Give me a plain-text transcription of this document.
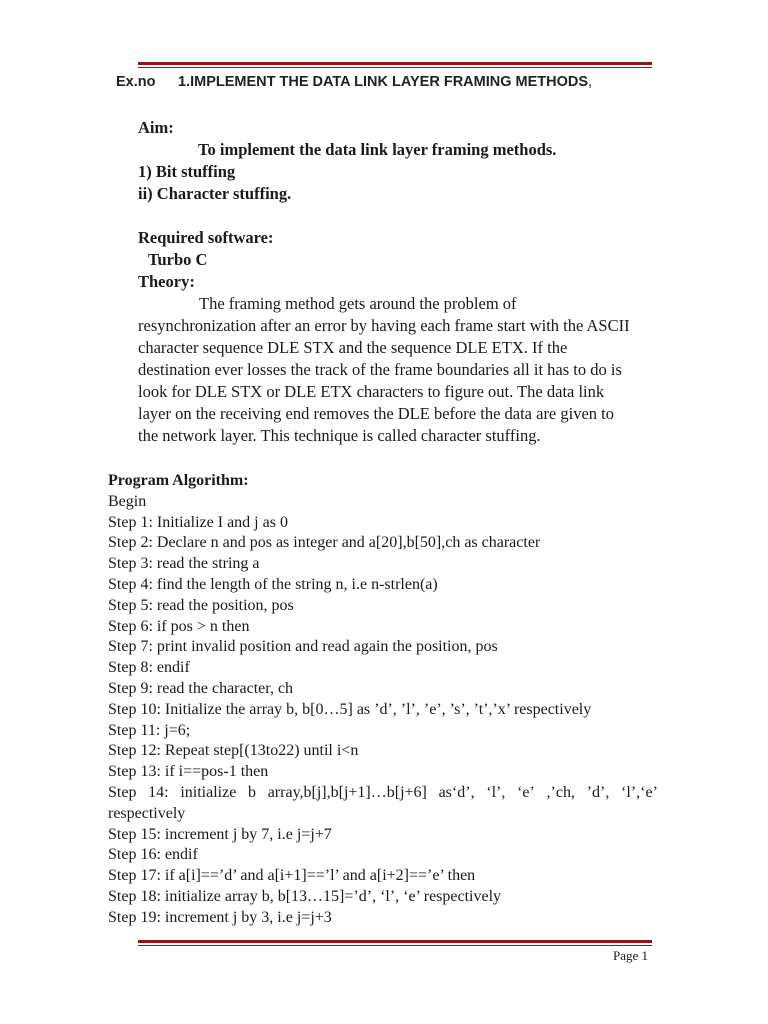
Ex.no 1.IMPLEMENT THE DATA LINK LAYER FRAMING METHODS,
Aim:
To implement the data link layer framing methods.
1) Bit stuffing
ii) Character stuffing.
Required software:
Turbo C
Theory:

The framing method gets around the problem of resynchronization after an error by having each frame start with the ASCII character sequence DLE STX and the sequence DLE ETX. If the destination ever losses the track of the frame boundaries all it has to do is look for DLE STX or DLE ETX characters to figure out. The data link layer on the receiving end removes the DLE before the data are given to the network layer. This technique is called character stuffing.

Program Algorithm:
Begin
Step 1: Initialize I and j as 0
Step 2: Declare n and pos as integer and a[20],b[50],ch as character
Step 3: read the string a
Step 4: find the length of the string n, i.e n-strlen(a)
Step 5: read the position, pos
Step 6: if pos > n then
Step 7: print invalid position and read again the position, pos
Step 8: endif
Step 9: read the character, ch
Step 10: Initialize the array b, b[0…5] as ’d’, ’l’, ’e’, ’s’, ’t’,’x’ respectively
Step 11: j=6;
Step 12: Repeat step[(13to22) until i<n
Step 13: if i==pos-1 then
Step 14: initialize b array,b[j],b[j+1]…b[j+6] as‘d’, ‘l’, ‘e’ ,’ch, ’d’, ‘l’,‘e’
respectively
Step 15: increment j by 7, i.e j=j+7
Step 16: endif
Step 17: if a[i]==’d’ and a[i+1]==’l’ and a[i+2]==’e’ then
Step 18: initialize array b, b[13…15]=’d’, ‘l’, ‘e’ respectively
Step 19: increment j by 3, i.e j=j+3
Page 1
